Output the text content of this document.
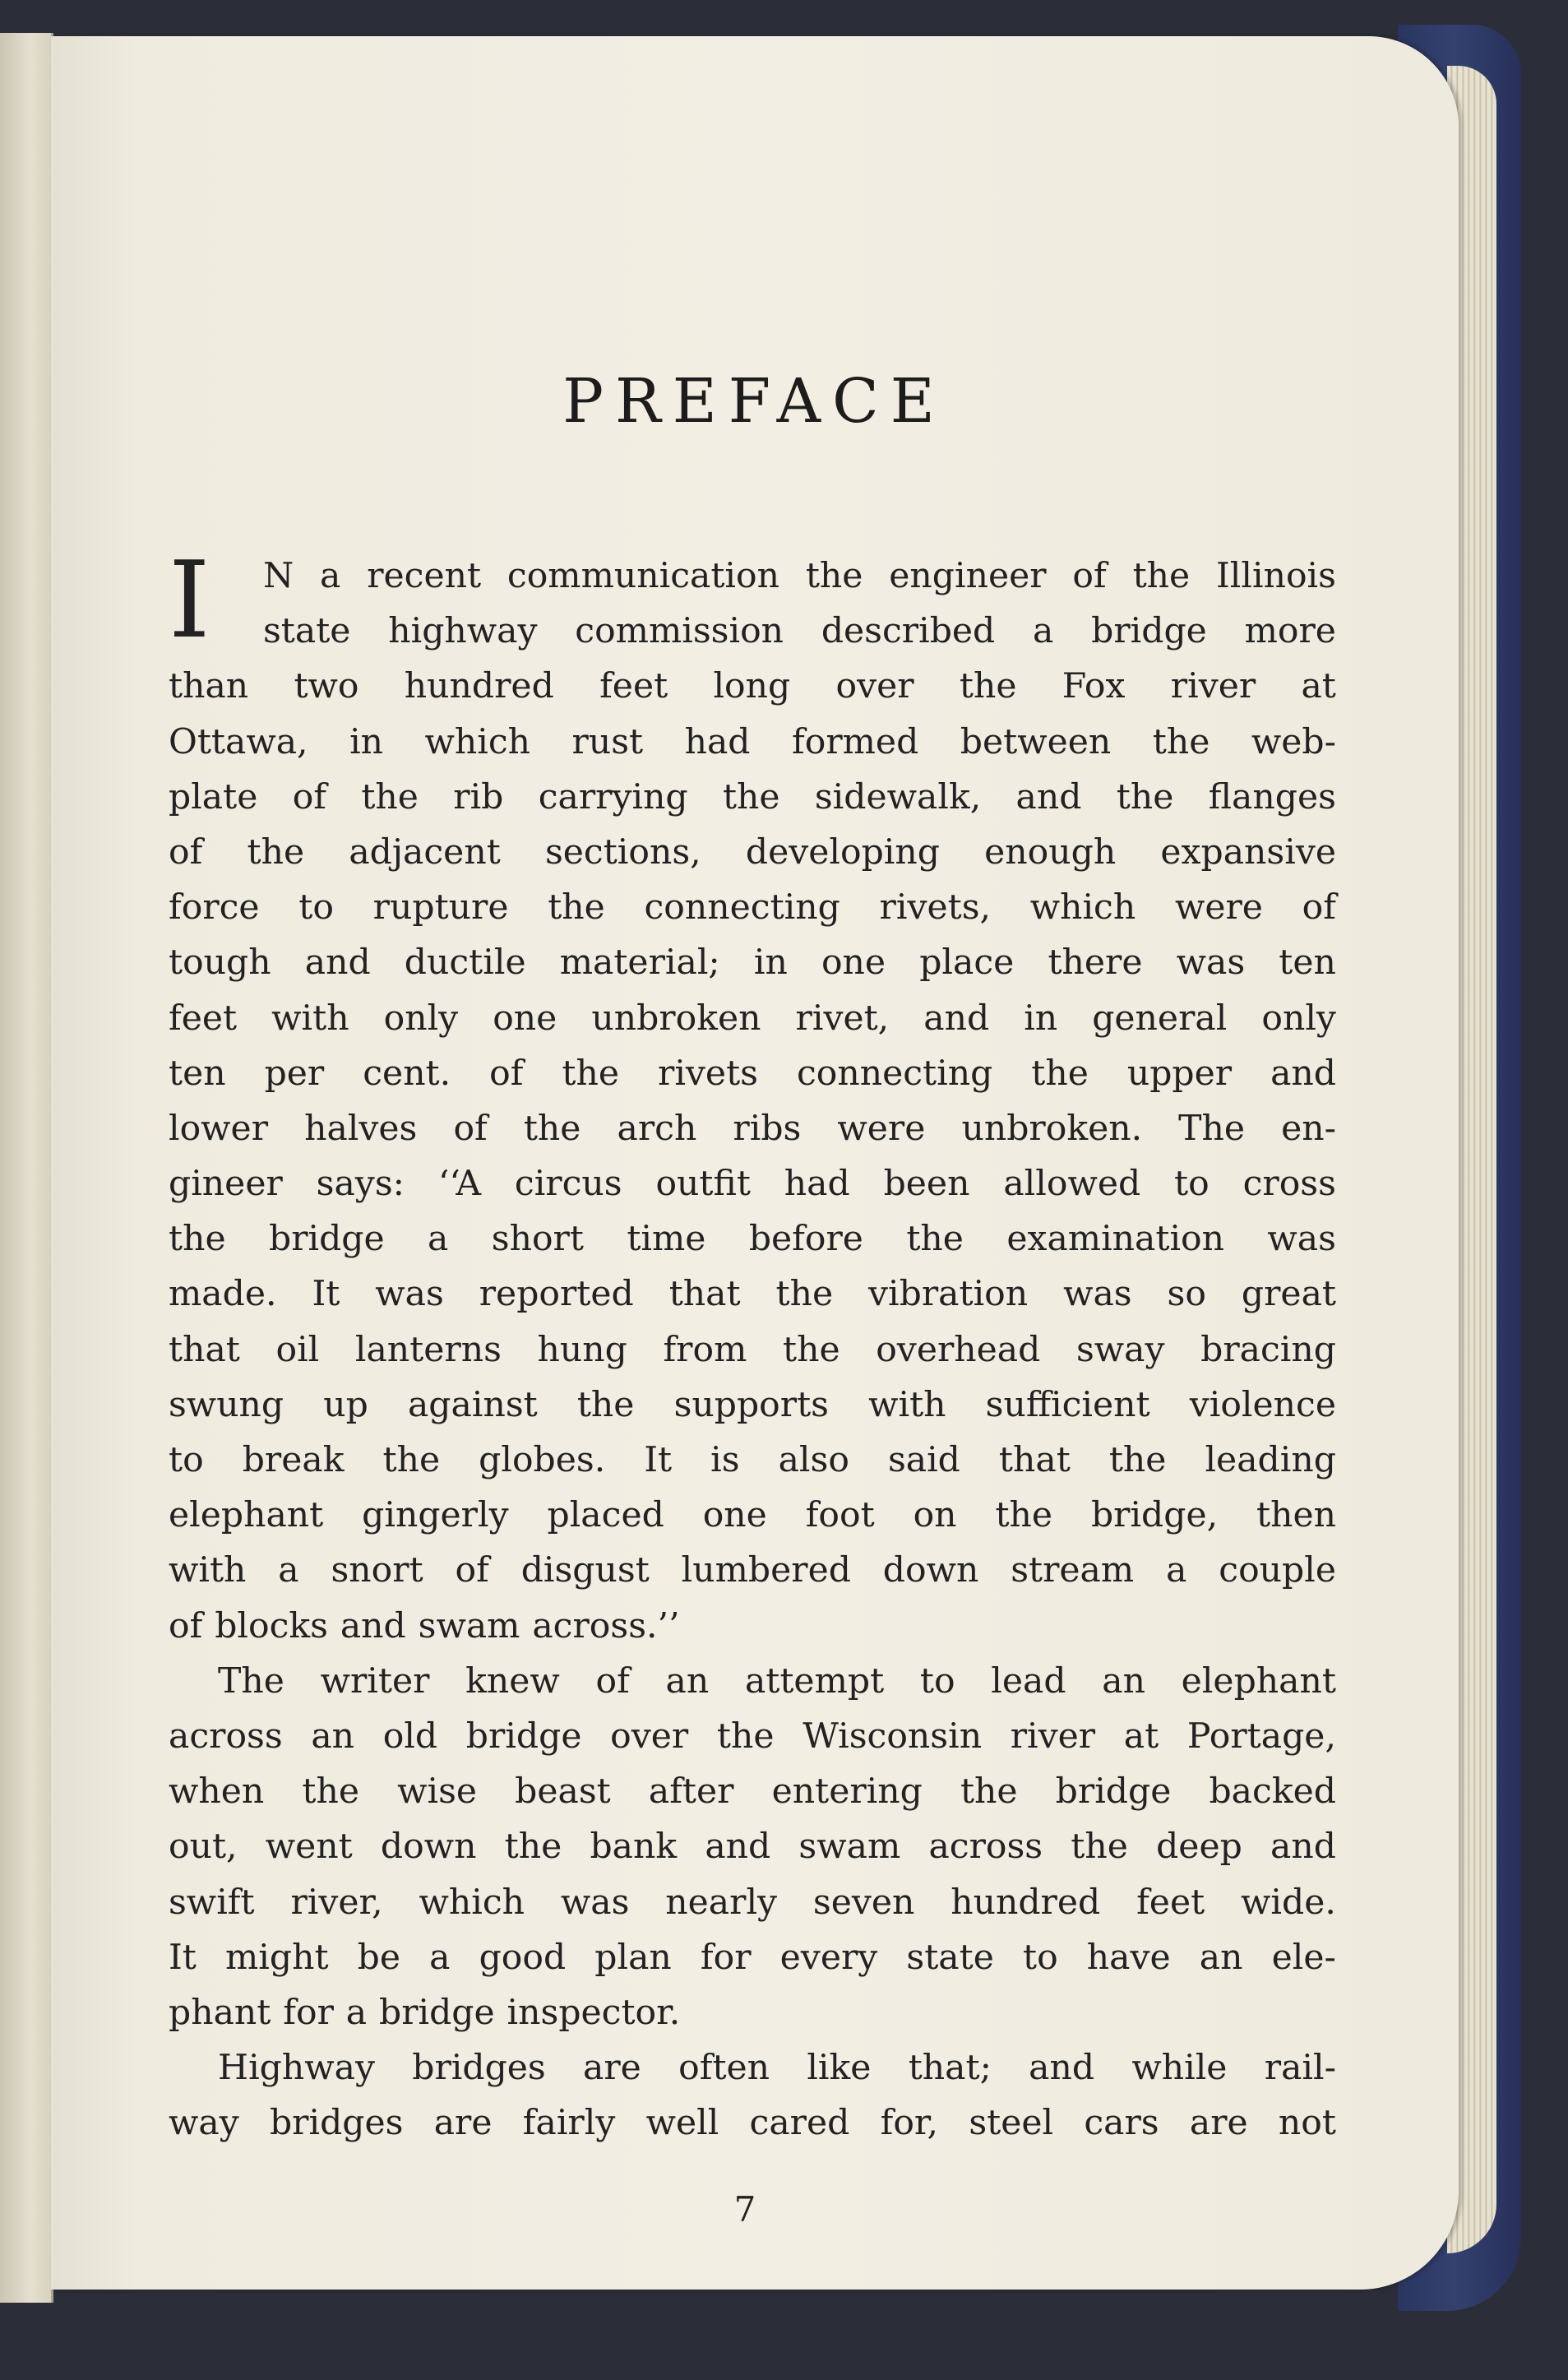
PREFACE
I N a recent communication the engineer of the Illinois
state highway commission described a bridge more
than two hundred feet long over the Fox river at
Ottawa, in which rust had formed between the web-
plate of the rib carrying the sidewalk, and the flanges
of the adjacent sections, developing enough expansive
force to rupture the connecting rivets, which were of
tough and ductile material; in one place there was ten
feet with only one unbroken rivet, and in general only
ten per cent. of the rivets connecting the upper and
lower halves of the arch ribs were unbroken. The en-
gineer says: ‘‘A circus outfit had been allowed to cross
the bridge a short time before the examination was
made. It was reported that the vibration was so great
that oil lanterns hung from the overhead sway bracing
swung up against the supports with sufficient violence
to break the globes. It is also said that the leading
elephant gingerly placed one foot on the bridge, then
with a snort of disgust lumbered down stream a couple
of blocks and swam across.’’
The writer knew of an attempt to lead an elephant
across an old bridge over the Wisconsin river at Portage,
when the wise beast after entering the bridge backed
out, went down the bank and swam across the deep and
swift river, which was nearly seven hundred feet wide.
It might be a good plan for every state to have an ele-
phant for a bridge inspector.
Highway bridges are often like that; and while rail-
way bridges are fairly well cared for, steel cars are not
7
